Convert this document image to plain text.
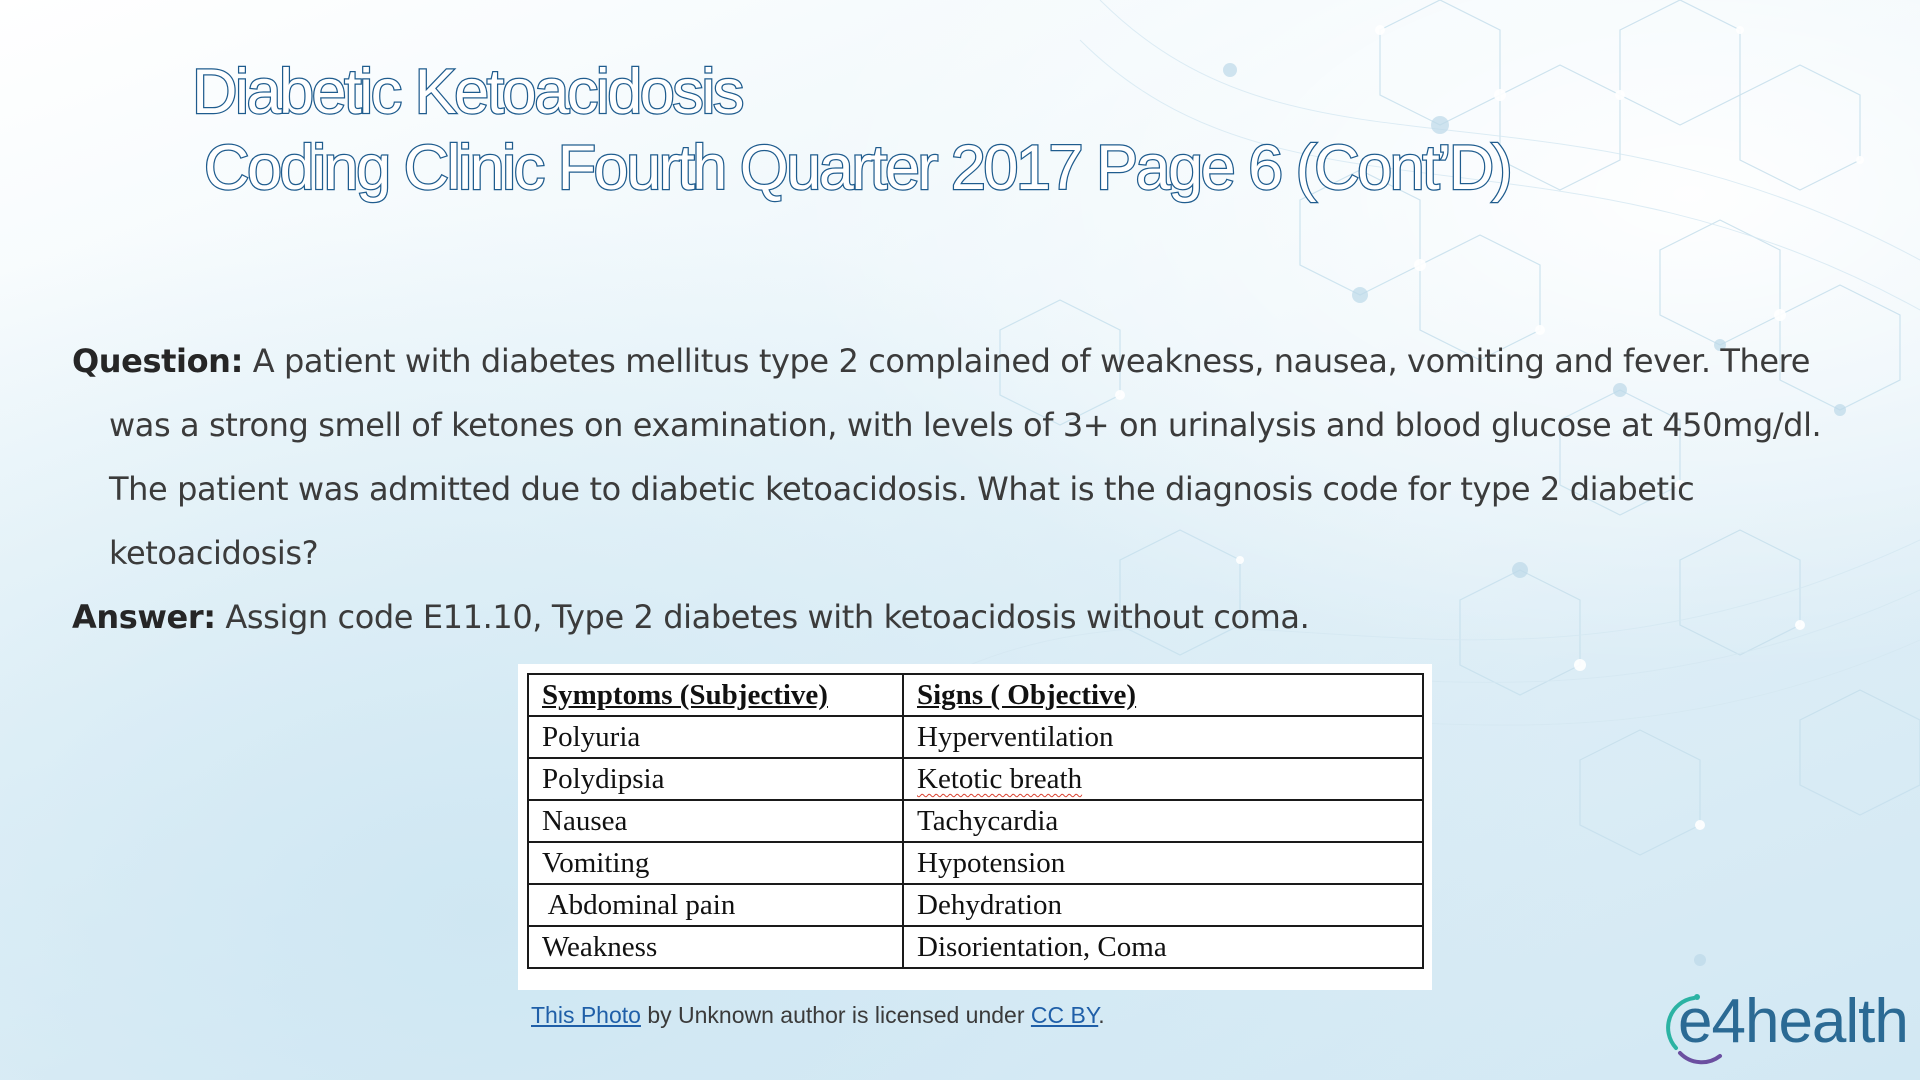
Diabetic Ketoacidosis
Coding Clinic Fourth Quarter 2017 Page 6 (Cont’D)

Question: A patient with diabetes mellitus type 2 complained of weakness, nausea, vomiting and fever. There was a strong smell of ketones on examination, with levels of 3+ on urinalysis and blood glucose at 450mg/dl. The patient was admitted due to diabetic ketoacidosis. What is the diagnosis code for type 2 diabetic ketoacidosis?

Answer: Assign code E11.10, Type 2 diabetes with ketoacidosis without coma.

Symptoms (Subjective)	Signs ( Objective)
Polyuria	Hyperventilation
Polydipsia	Ketotic breath
Nausea	Tachycardia
Vomiting	Hypotension
Abdominal pain	Dehydration
Weakness	Disorientation, Coma
This Photo by Unknown author is licensed under CC BY.	e4health
